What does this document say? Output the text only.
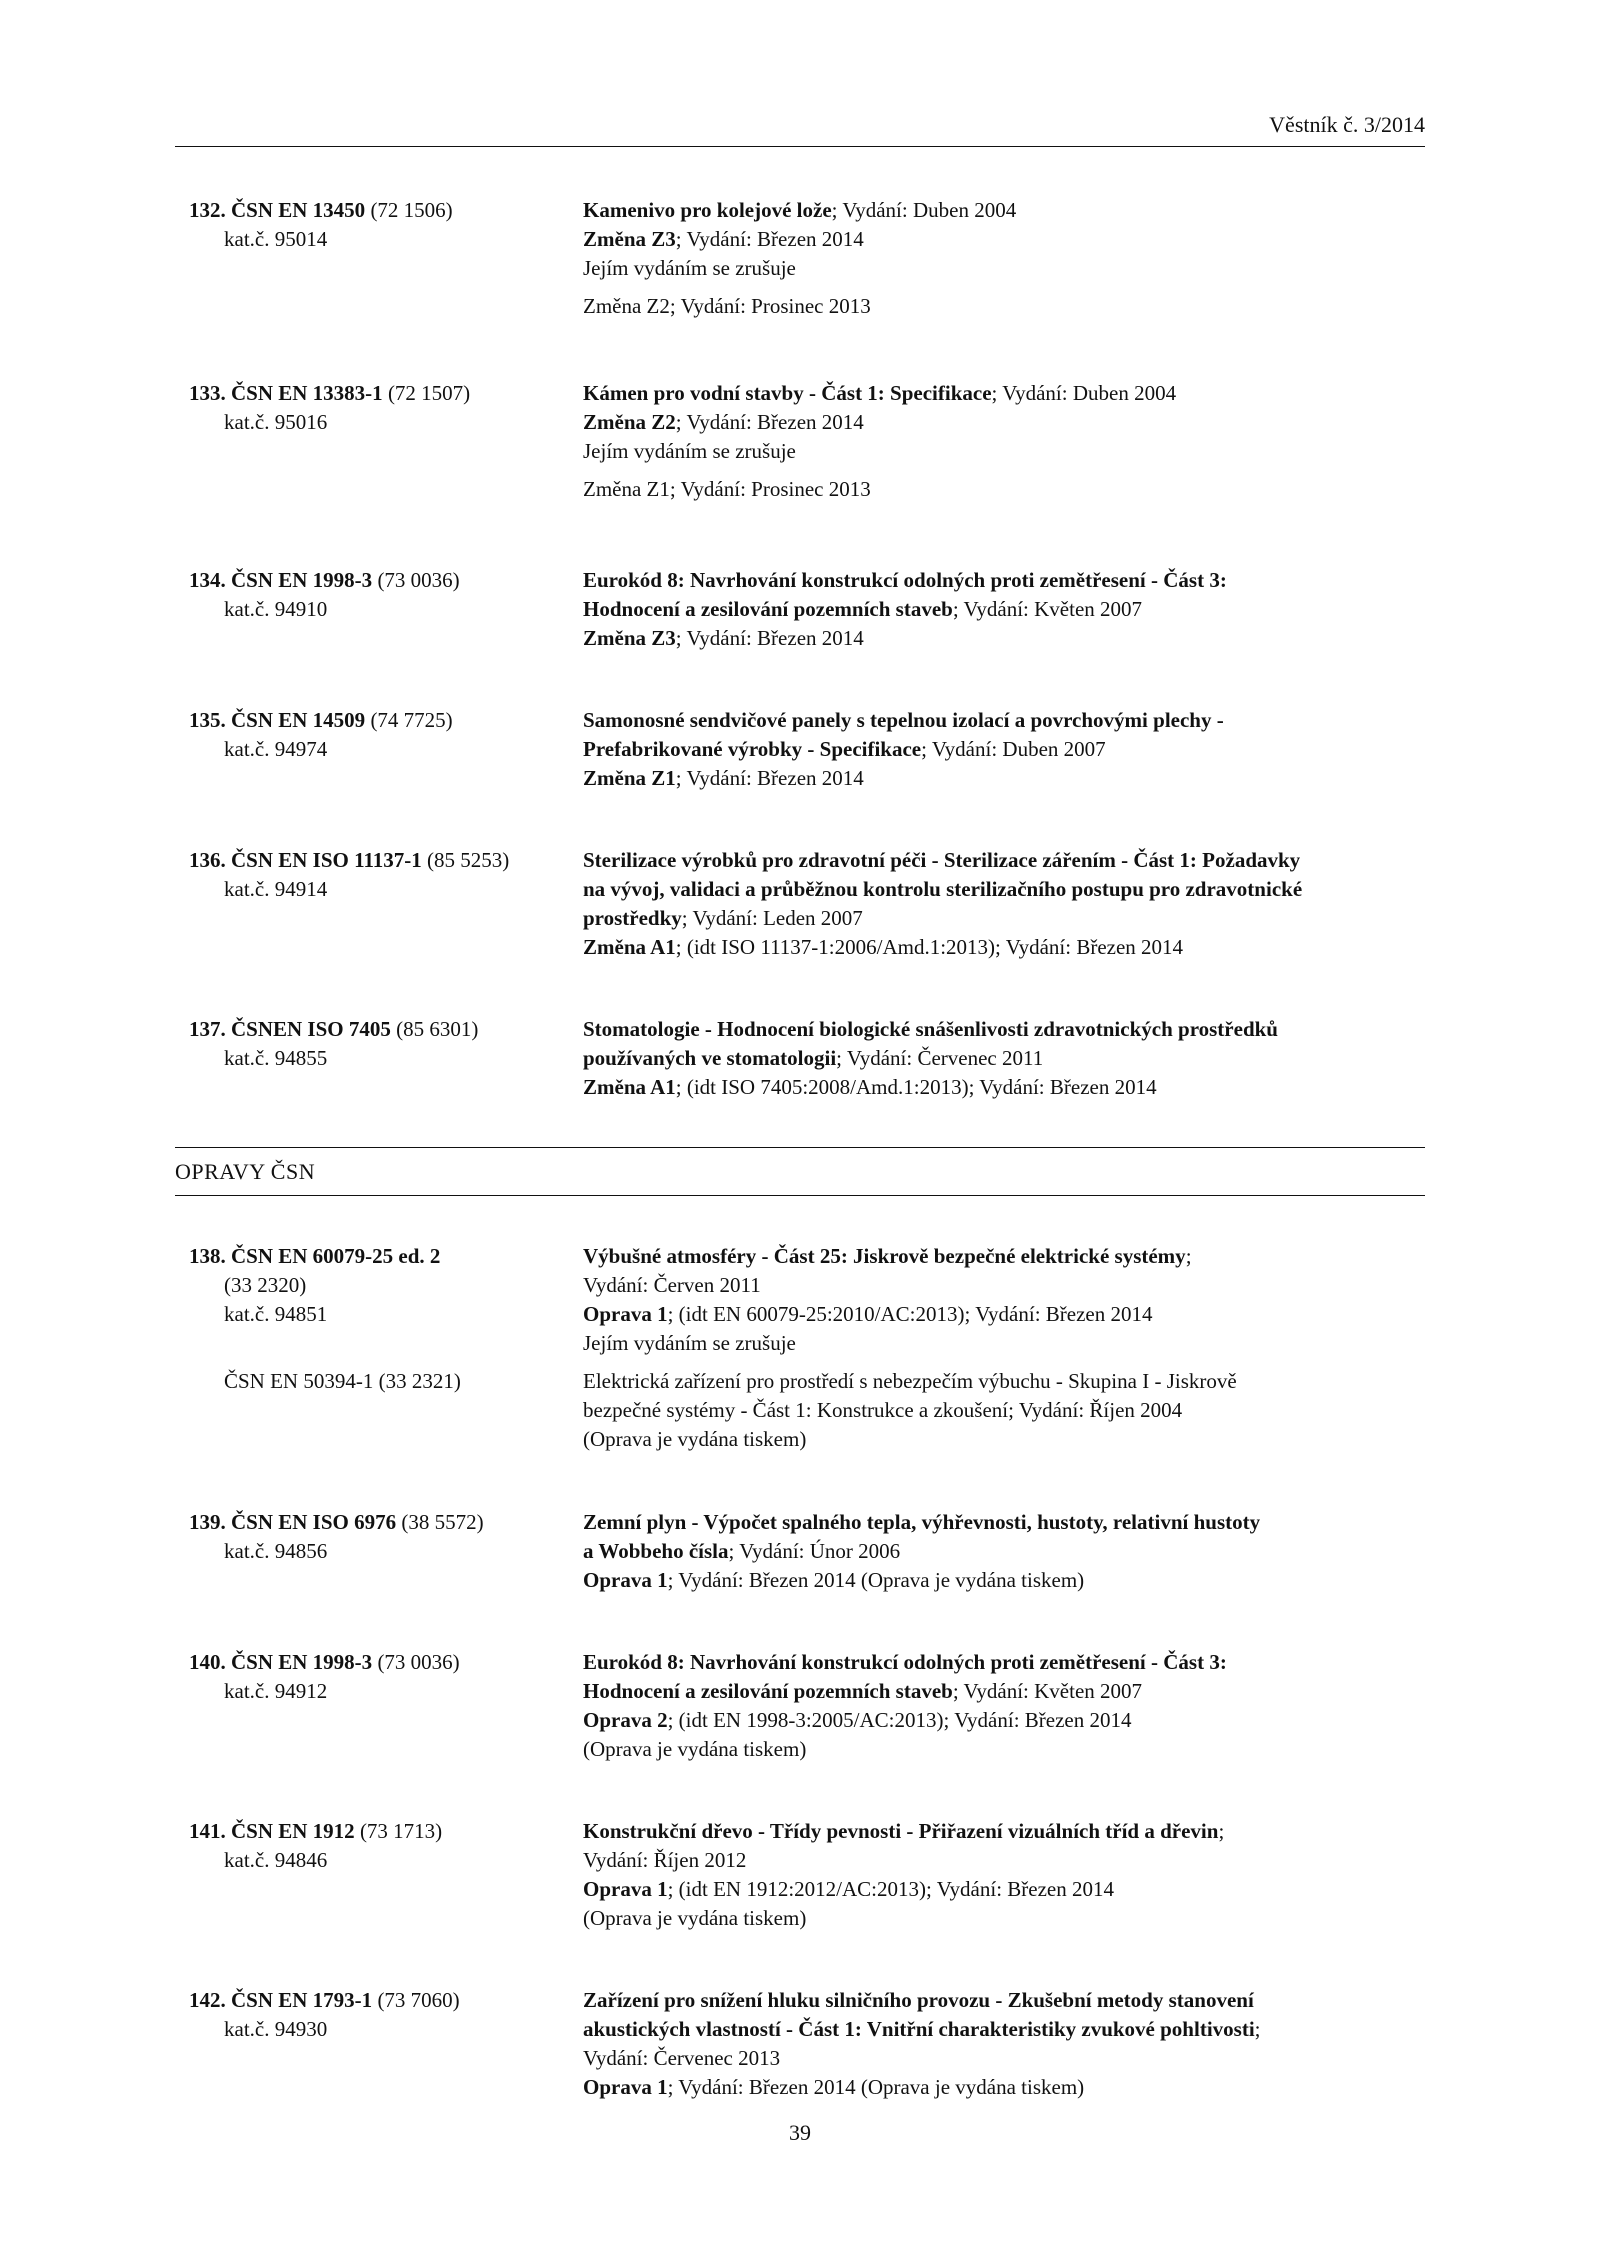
Věstník č. 3/2014
132. ČSN EN 13450 (72 1506)
kat.č. 95014
Kamenivo pro kolejové lože; Vydání: Duben 2004
Změna Z3; Vydání: Březen 2014
Jejím vydáním se zrušuje
Změna Z2; Vydání: Prosinec 2013
133. ČSN EN 13383-1 (72 1507)
kat.č. 95016
Kámen pro vodní stavby - Část 1: Specifikace; Vydání: Duben 2004
Změna Z2; Vydání: Březen 2014
Jejím vydáním se zrušuje
Změna Z1; Vydání: Prosinec 2013
134. ČSN EN 1998-3 (73 0036)
kat.č. 94910
Eurokód 8: Navrhování konstrukcí odolných proti zemětřesení - Část 3:
Hodnocení a zesilování pozemních staveb; Vydání: Květen 2007
Změna Z3; Vydání: Březen 2014
135. ČSN EN 14509 (74 7725)
kat.č. 94974
Samonosné sendvičové panely s tepelnou izolací a povrchovými plechy -
Prefabrikované výrobky - Specifikace; Vydání: Duben 2007
Změna Z1; Vydání: Březen 2014
136. ČSN EN ISO 11137-1 (85 5253)
kat.č. 94914
Sterilizace výrobků pro zdravotní péči - Sterilizace zářením - Část 1: Požadavky
na vývoj, validaci a průběžnou kontrolu sterilizačního postupu pro zdravotnické
prostředky; Vydání: Leden 2007
Změna A1; (idt ISO 11137-1:2006/Amd.1:2013); Vydání: Březen 2014
137. ČSNEN ISO 7405 (85 6301)
kat.č. 94855
Stomatologie - Hodnocení biologické snášenlivosti zdravotnických prostředků
používaných ve stomatologii; Vydání: Červenec 2011
Změna A1; (idt ISO 7405:2008/Amd.1:2013); Vydání: Březen 2014
OPRAVY ČSN
138. ČSN EN 60079-25 ed. 2
(33 2320)
kat.č. 94851
ČSN EN 50394-1 (33 2321)
Výbušné atmosféry - Část 25: Jiskrově bezpečné elektrické systémy;
Vydání: Červen 2011
Oprava 1; (idt EN 60079-25:2010/AC:2013); Vydání: Březen 2014
Jejím vydáním se zrušuje
Elektrická zařízení pro prostředí s nebezpečím výbuchu - Skupina I - Jiskrově
bezpečné systémy - Část 1: Konstrukce a zkoušení; Vydání: Říjen 2004
(Oprava je vydána tiskem)
139. ČSN EN ISO 6976 (38 5572)
kat.č. 94856
Zemní plyn - Výpočet spalného tepla, výhřevnosti, hustoty, relativní hustoty
a Wobbeho čísla; Vydání: Únor 2006
Oprava 1; Vydání: Březen 2014 (Oprava je vydána tiskem)
140. ČSN EN 1998-3 (73 0036)
kat.č. 94912
Eurokód 8: Navrhování konstrukcí odolných proti zemětřesení - Část 3:
Hodnocení a zesilování pozemních staveb; Vydání: Květen 2007
Oprava 2; (idt EN 1998-3:2005/AC:2013); Vydání: Březen 2014
(Oprava je vydána tiskem)
141. ČSN EN 1912 (73 1713)
kat.č. 94846
Konstrukční dřevo - Třídy pevnosti - Přiřazení vizuálních tříd a dřevin;
Vydání: Říjen 2012
Oprava 1; (idt EN 1912:2012/AC:2013); Vydání: Březen 2014
(Oprava je vydána tiskem)
142. ČSN EN 1793-1 (73 7060)
kat.č. 94930
Zařízení pro snížení hluku silničního provozu - Zkušební metody stanovení
akustických vlastností - Část 1: Vnitřní charakteristiky zvukové pohltivosti;
Vydání: Červenec 2013
Oprava 1; Vydání: Březen 2014 (Oprava je vydána tiskem)
39
